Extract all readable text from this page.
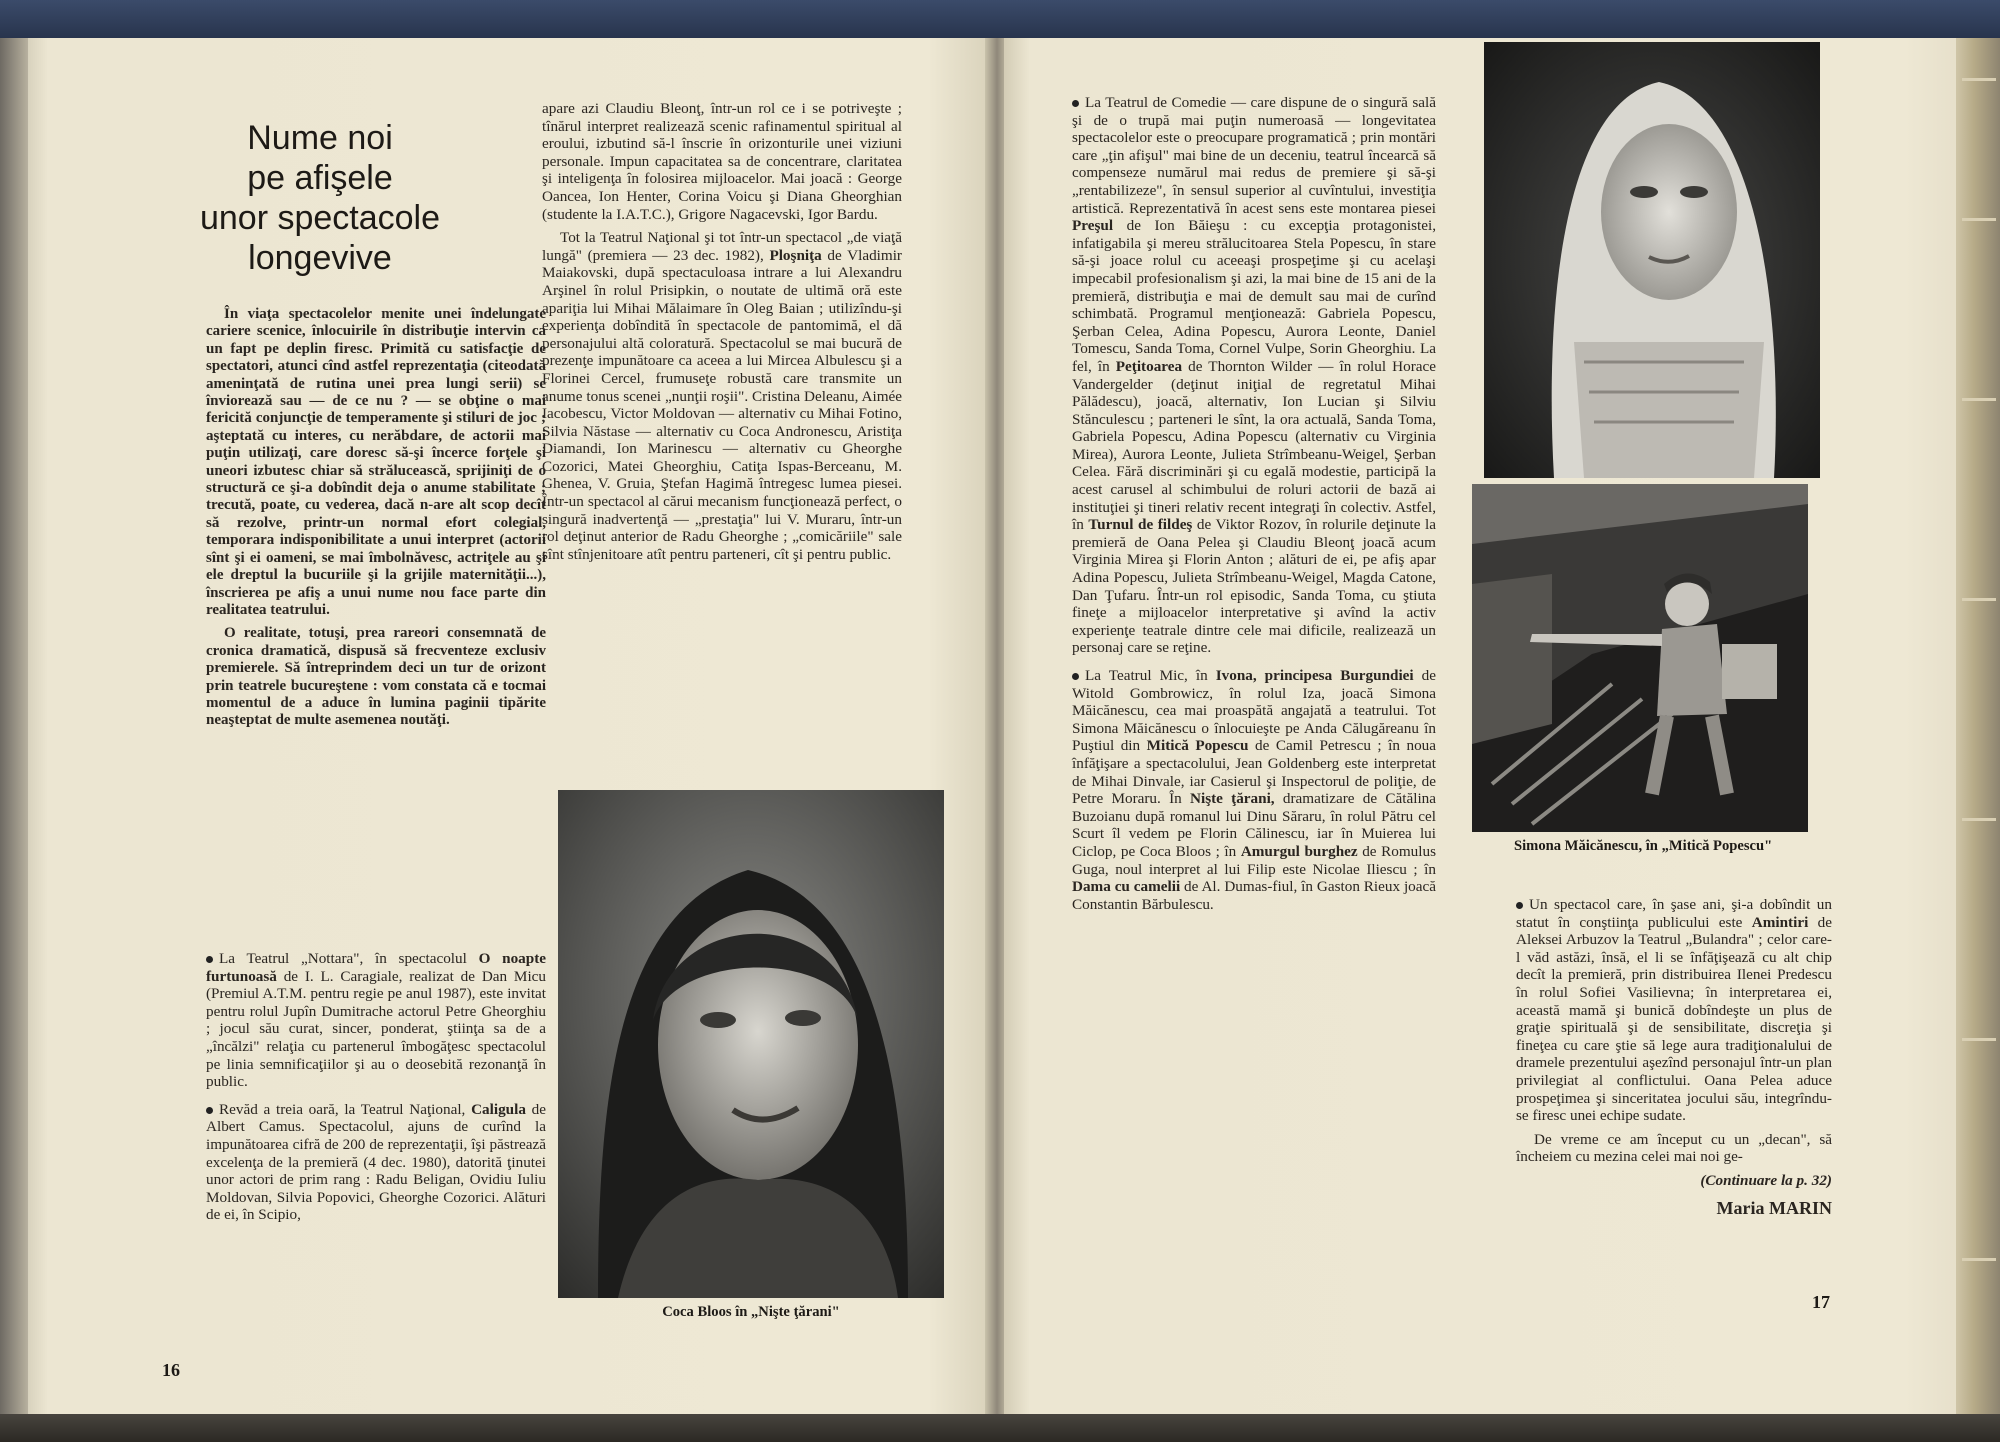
Nume noi
pe afişele
unor spectacole
longevive

În viaţa spectacolelor menite unei îndelungate cariere scenice, înlocuirile în distribuţie intervin ca un fapt pe deplin firesc. Primită cu satisfacţie de spectatori, atunci cînd astfel reprezentaţia (citeodată ameninţată de rutina unei prea lungi serii) se înviorează sau — de ce nu ? — se obţine o mai fericită conjuncţie de temperamente şi stiluri de joc ; aşteptată cu interes, cu nerăbdare, de actorii mai puţin utilizaţi, care doresc să-şi încerce forţele şi uneori izbutesc chiar să strălucească, sprijiniţi de o structură ce şi-a dobîndit deja o anume stabilitate ; trecută, poate, cu vederea, dacă n-are alt scop decît să rezolve, printr-un normal efort colegial, temporara indisponibilitate a unui interpret (actorii sînt şi ei oameni, se mai îmbolnăvesc, actriţele au şi ele dreptul la bucuriile şi la grijile maternităţii...), înscrierea pe afiş a unui nume nou face parte din realitatea teatrului.

O realitate, totuşi, prea rareori consemnată de cronica dramatică, dispusă să frecventeze exclusiv premierele. Să întreprindem deci un tur de orizont prin teatrele bucureştene : vom constata că e tocmai momentul de a aduce în lumina paginii tipărite neaşteptat de multe asemenea noutăţi.

La Teatrul „Nottara", în spectacolul O noapte furtunoasă de I. L. Caragiale, realizat de Dan Micu (Premiul A.T.M. pentru regie pe anul 1987), este invitat pentru rolul Jupîn Dumitrache actorul Petre Gheorghiu ; jocul său curat, sincer, ponderat, ştiinţa sa de a „încălzi" relaţia cu partenerul îmbogăţesc spectacolul pe linia semnificaţiilor şi au o deosebită rezonanţă în public.

Revăd a treia oară, la Teatrul Naţional, Caligula de Albert Camus. Spectacolul, ajuns de curînd la impunătoarea cifră de 200 de reprezentaţii, îşi păstrează excelenţa de la premieră (4 dec. 1980), datorită ţinutei unor actori de prim rang : Radu Beligan, Ovidiu Iuliu Moldovan, Silvia Popovici, Gheorghe Cozorici. Alături de ei, în Scipio,

apare azi Claudiu Bleonţ, într-un rol ce i se potriveşte ; tînărul interpret realizează scenic rafinamentul spiritual al eroului, izbutind să-l înscrie în orizonturile unei viziuni personale. Impun capacitatea sa de concentrare, claritatea şi inteligenţa în folosirea mijloacelor. Mai joacă : George Oancea, Ion Henter, Corina Voicu şi Diana Gheorghian (studente la I.A.T.C.), Grigore Nagacevski, Igor Bardu.

Tot la Teatrul Naţional şi tot într-un spectacol „de viaţă lungă" (premiera — 23 dec. 1982), Ploşniţa de Vladimir Maiakovski, după spectaculoasa intrare a lui Alexandru Arşinel în rolul Prisipkin, o noutate de ultimă oră este apariţia lui Mihai Mălaimare în Oleg Baian ; utilizîndu-şi experienţa dobîndită în spectacole de pantomimă, el dă personajului altă coloratură. Spectacolul se mai bucură de prezenţe impunătoare ca aceea a lui Mircea Albulescu şi a Florinei Cercel, frumuseţe robustă care transmite un anume tonus scenei „nunţii roşii". Cristina Deleanu, Aimée Iacobescu, Victor Moldovan — alternativ cu Mihai Fotino, Silvia Năstase — alternativ cu Coca Andronescu, Aristiţa Diamandi, Ion Marinescu — alternativ cu Gheorghe Cozorici, Matei Gheorghiu, Catiţa Ispas-Berceanu, M. Ghenea, V. Gruia, Ştefan Hagimă întregesc lumea piesei. Într-un spectacol al cărui mecanism funcţionează perfect, o singură inadvertenţă — „prestaţia" lui V. Muraru, într-un rol deţinut anterior de Radu Gheorghe ; „comicăriile" sale sînt stînjenitoare atît pentru parteneri, cît şi pentru public.

Coca Bloos în „Nişte ţărani"
16

La Teatrul de Comedie — care dispune de o singură sală şi de o trupă mai puţin numeroasă — longevitatea spectacolelor este o preocupare programatică ; prin montări care „ţin afişul" mai bine de un deceniu, teatrul încearcă să compenseze numărul mai redus de premiere şi să-şi „rentabilizeze", în sensul superior al cuvîntului, investiţia artistică. Reprezentativă în acest sens este montarea piesei Preşul de Ion Băieşu : cu excepţia protagonistei, infatigabila şi mereu strălucitoarea Stela Popescu, în stare să-şi joace rolul cu aceeaşi prospeţime şi cu acelaşi impecabil profesionalism şi azi, la mai bine de 15 ani de la premieră, distribuţia e mai de demult sau mai de curînd schimbată. Programul menţionează: Gabriela Popescu, Şerban Celea, Adina Popescu, Aurora Leonte, Daniel Tomescu, Sanda Toma, Cornel Vulpe, Sorin Gheorghiu. La fel, în Peţitoarea de Thornton Wilder — în rolul Horace Vandergelder (deţinut iniţial de regretatul Mihai Pălădescu), joacă, alternativ, Ion Lucian şi Silviu Stănculescu ; parteneri le sînt, la ora actuală, Sanda Toma, Gabriela Popescu, Adina Popescu (alternativ cu Virginia Mirea), Aurora Leonte, Julieta Strîmbeanu-Weigel, Şerban Celea. Fără discriminări şi cu egală modestie, participă la acest carusel al schimbului de roluri actorii de bază ai instituţiei şi tineri relativ recent integraţi în colectiv. Astfel, în Turnul de fildeş de Viktor Rozov, în rolurile deţinute la premieră de Oana Pelea şi Claudiu Bleonţ joacă acum Virginia Mirea şi Florin Anton ; alături de ei, pe afiş apar Adina Popescu, Julieta Strîmbeanu-Weigel, Magda Catone, Dan Ţufaru. Într-un rol episodic, Sanda Toma, cu ştiuta fineţe a mijloacelor interpretative şi avînd la activ experienţe teatrale dintre cele mai dificile, realizează un personaj care se reţine.

La Teatrul Mic, în Ivona, principesa Burgundiei de Witold Gombrowicz, în rolul Iza, joacă Simona Măicănescu, cea mai proaspătă angajată a teatrului. Tot Simona Măicănescu o înlocuieşte pe Anda Călugăreanu în Puştiul din Mitică Popescu de Camil Petrescu ; în noua înfăţişare a spectacolului, Jean Goldenberg este interpretat de Mihai Dinvale, iar Casierul şi Inspectorul de poliţie, de Petre Moraru. În Nişte ţărani, dramatizare de Cătălina Buzoianu după romanul lui Dinu Săraru, în rolul Pătru cel Scurt îl vedem pe Florin Călinescu, iar în Muierea lui Ciclop, pe Coca Bloos ; în Amurgul burghez de Romulus Guga, noul interpret al lui Filip este Nicolae Iliescu ; în Dama cu camelii de Al. Dumas-fiul, în Gaston Rieux joacă Constantin Bărbulescu.

Simona Măicănescu, în „Mitică Popescu"

Un spectacol care, în şase ani, şi-a dobîndit un statut în conştiinţa publicului este Amintiri de Aleksei Arbuzov la Teatrul „Bulandra" ; celor care-l văd astăzi, însă, el li se înfăţişează cu alt chip decît la premieră, prin distribuirea Ilenei Predescu în rolul Sofiei Vasilievna; în interpretarea ei, această mamă şi bunică dobîndeşte un plus de graţie spirituală şi de sensibilitate, discreţia şi fineţea cu care ştie să lege aura tradiţionalului de dramele prezentului aşezînd personajul într-un plan privilegiat al conflictului. Oana Pelea aduce prospeţimea şi sinceritatea jocului său, integrîndu-se firesc unei echipe sudate.

De vreme ce am început cu un „decan", să încheiem cu mezina celei mai noi ge-

(Continuare la p. 32)

Maria MARIN

17
